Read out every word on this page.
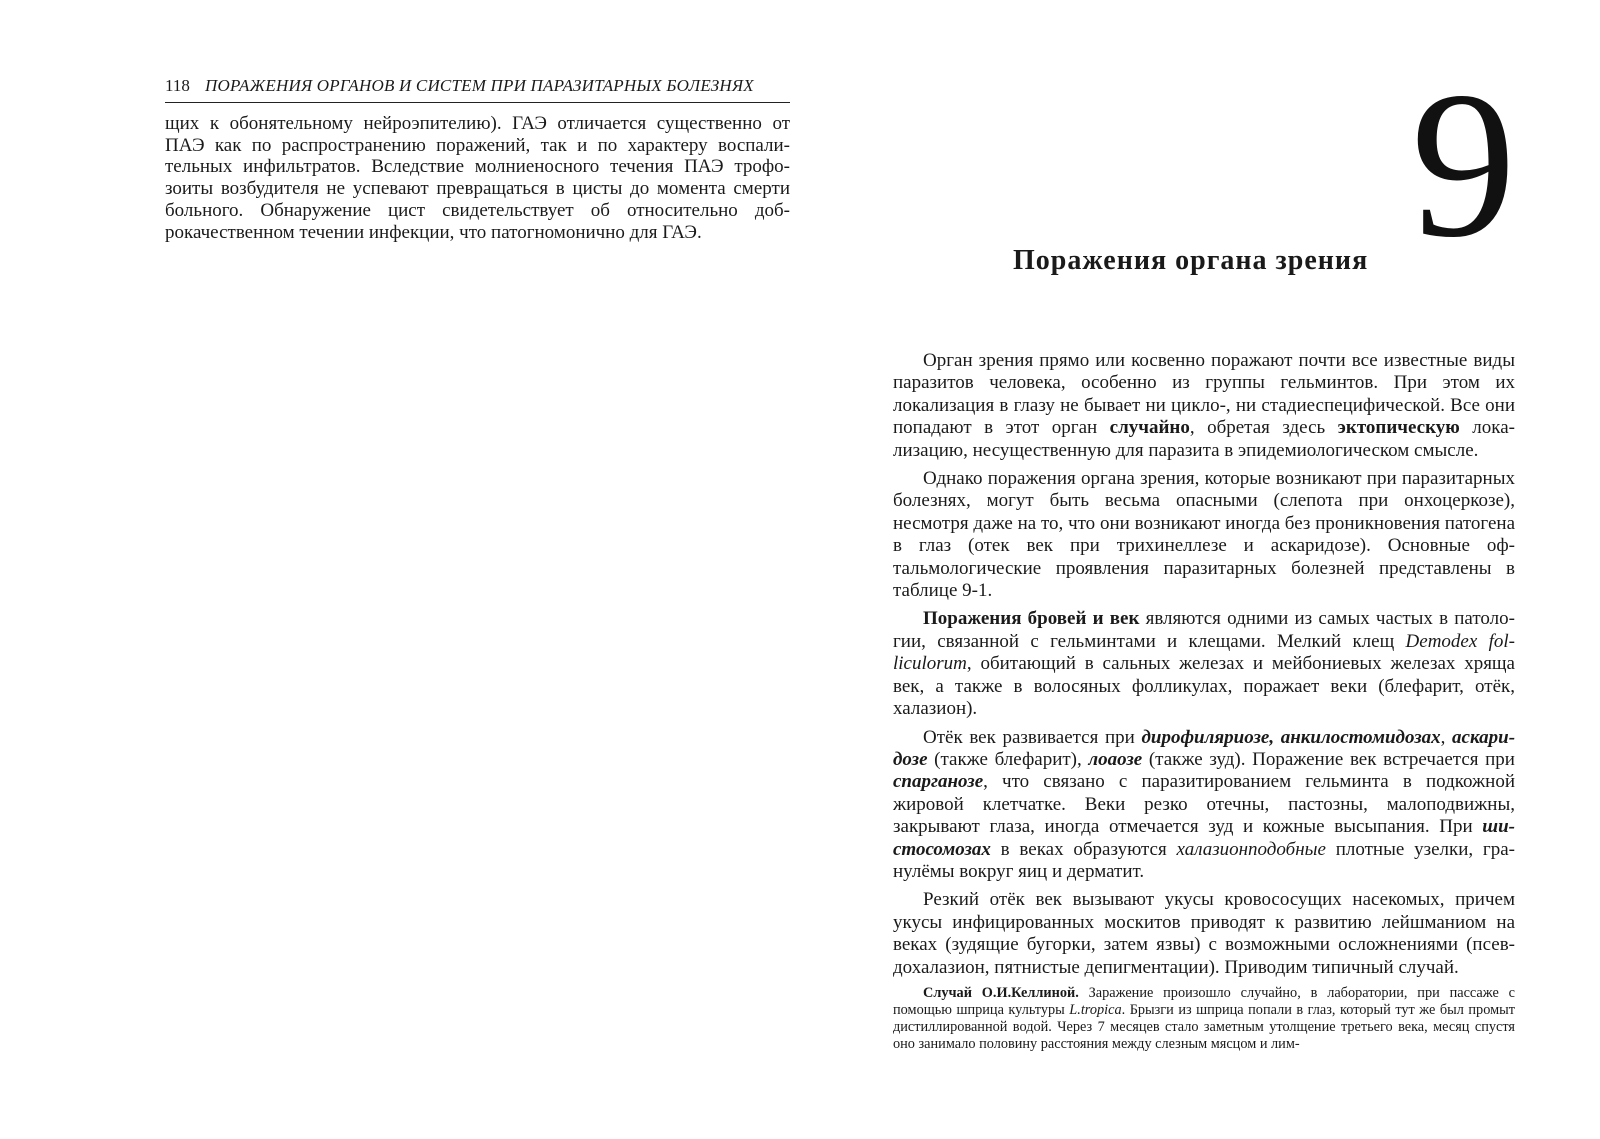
118 ПОРАЖЕНИЯ ОРГАНОВ И СИСТЕМ ПРИ ПАРАЗИТАРНЫХ БОЛЕЗНЯХ

щих к обонятельному нейроэпителию). ГАЭ отличается существенно от ПАЭ как по распространению поражений, так и по характеру воспалительных инфильтратов. Вследствие молниеносного течения ПАЭ трофозоиты возбудителя не успевают превращаться в цисты до момента смерти больного. Обнаружение цист свидетельствует об относительно доброкачественном течении инфекции, что патогномонично для ГАЭ.	9
Поражения органа зрения

Орган зрения прямо или косвенно поражают почти все известные виды паразитов человека, особенно из группы гельминтов. При этом их локализация в глазу не бывает ни цикло-, ни стадиеспецифической. Все они попадают в этот орган случайно, обретая здесь эктопическую локализацию, несущественную для паразита в эпидемиологическом смысле.

Однако поражения органа зрения, которые возникают при паразитарных болезнях, могут быть весьма опасными (слепота при онхоцеркозе), несмотря даже на то, что они возникают иногда без проникновения патогена в глаз (отек век при трихинеллезе и аскаридозе). Основные офтальмологические проявления паразитарных болезней представлены в таблице 9-1.

Поражения бровей и век являются одними из самых частых в патологии, связанной с гельминтами и клещами. Мелкий клещ Demodex folliculorum, обитающий в сальных железах и мейбониевых железах хряща век, а также в волосяных фолликулах, поражает веки (блефарит, отёк, халазион).

Отёк век развивается при дирофиляриозе, анкилостомидозах, аскаридозе (также блефарит), лоаозе (также зуд). Поражение век встречается при спарганозе, что связано с паразитированием гельминта в подкожной жировой клетчатке. Веки резко отечны, пастозны, малоподвижны, закрывают глаза, иногда отмечается зуд и кожные высыпания. При шистосомозах в веках образуются халазионподобные плотные узелки, гранулёмы вокруг яиц и дерматит.

Резкий отёк век вызывают укусы кровососущих насекомых, причем укусы инфицированных москитов приводят к развитию лейшманиом на веках (зудящие бугорки, затем язвы) с возможными осложнениями (псевдохалазион, пятнистые депигментации). Приводим типичный случай.

Случай О.И.Келлиной. Заражение произошло случайно, в лаборатории, при пассаже с помощью шприца культуры L.tropica. Брызги из шприца попали в глаз, который тут же был промыт дистиллированной водой. Через 7 месяцев стало заметным утолщение третьего века, месяц спустя оно занимало половину расстояния между слезным мясцом и лим-
